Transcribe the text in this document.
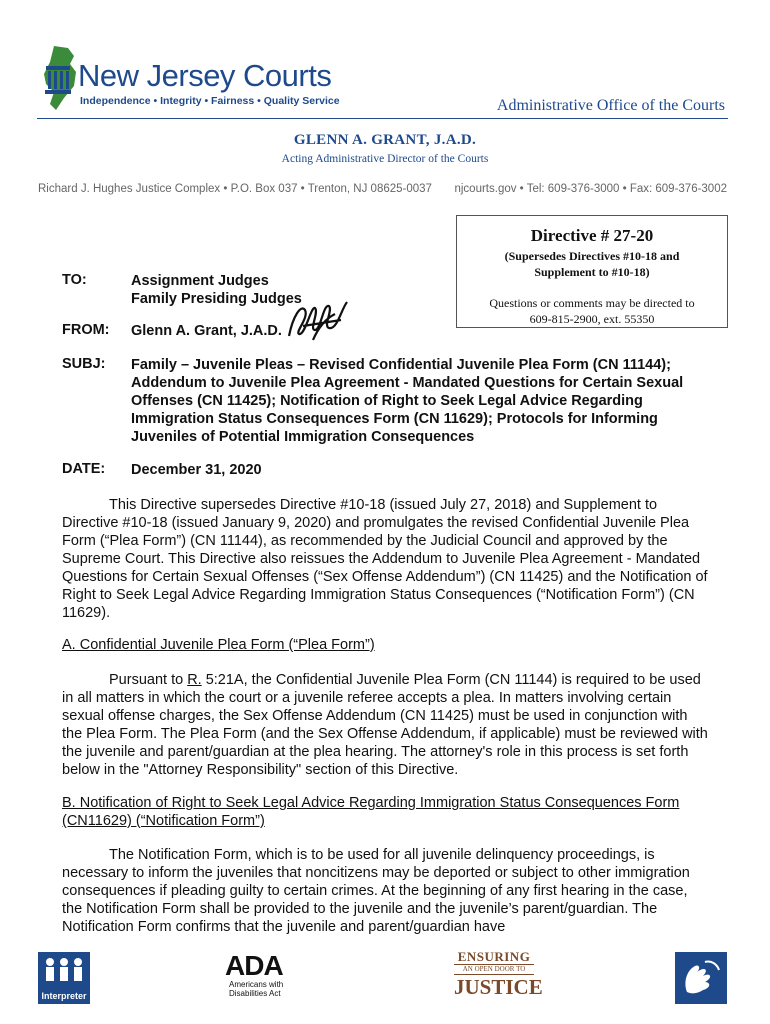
New Jersey Courts
Independence • Integrity • Fairness • Quality Service	Administrative Office of the Courts
GLENN A. GRANT, J.A.D.
Acting Administrative Director of the Courts
Richard J. Hughes Justice Complex • P.O. Box 037 • Trenton, NJ 08625-0037 njcourts.gov • Tel: 609-376-3000 • Fax: 609-376-3002
Directive # 27-20
(Supersedes Directives #10-18 and Supplement to #10-18)
Questions or comments may be directed to 609-815-2900, ext. 55350
TO:	Assignment Judges
Family Presiding Judges
FROM: Glenn A. Grant, J.A.D.
SUBJ: Family – Juvenile Pleas – Revised Confidential Juvenile Plea Form (CN 11144); Addendum to Juvenile Plea Agreement - Mandated Questions for Certain Sexual Offenses (CN 11425); Notification of Right to Seek Legal Advice Regarding Immigration Status Consequences Form (CN 11629); Protocols for Informing Juveniles of Potential Immigration Consequences
DATE: December 31, 2020
This Directive supersedes Directive #10-18 (issued July 27, 2018) and Supplement to Directive #10-18 (issued January 9, 2020) and promulgates the revised Confidential Juvenile Plea Form (“Plea Form”) (CN 11144), as recommended by the Judicial Council and approved by the Supreme Court. This Directive also reissues the Addendum to Juvenile Plea Agreement - Mandated Questions for Certain Sexual Offenses (“Sex Offense Addendum”) (CN 11425) and the Notification of Right to Seek Legal Advice Regarding Immigration Status Consequences (“Notification Form”) (CN 11629).
A. Confidential Juvenile Plea Form (“Plea Form”)
Pursuant to R. 5:21A, the Confidential Juvenile Plea Form (CN 11144) is required to be used in all matters in which the court or a juvenile referee accepts a plea. In matters involving certain sexual offense charges, the Sex Offense Addendum (CN 11425) must be used in conjunction with the Plea Form. The Plea Form (and the Sex Offense Addendum, if applicable) must be reviewed with the juvenile and parent/guardian at the plea hearing. The attorney's role in this process is set forth below in the "Attorney Responsibility" section of this Directive.
B. Notification of Right to Seek Legal Advice Regarding Immigration Status Consequences Form (CN11629) (“Notification Form”)
The Notification Form, which is to be used for all juvenile delinquency proceedings, is necessary to inform the juveniles that noncitizens may be deported or subject to other immigration consequences if pleading guilty to certain crimes. At the beginning of any first hearing in the case, the Notification Form shall be provided to the juvenile and the juvenile’s parent/guardian. The Notification Form confirms that the juvenile and parent/guardian have
Interpreter
ADA
Americans with Disabilities Act
ENSURING
AN OPEN DOOR TO
JUSTICE
